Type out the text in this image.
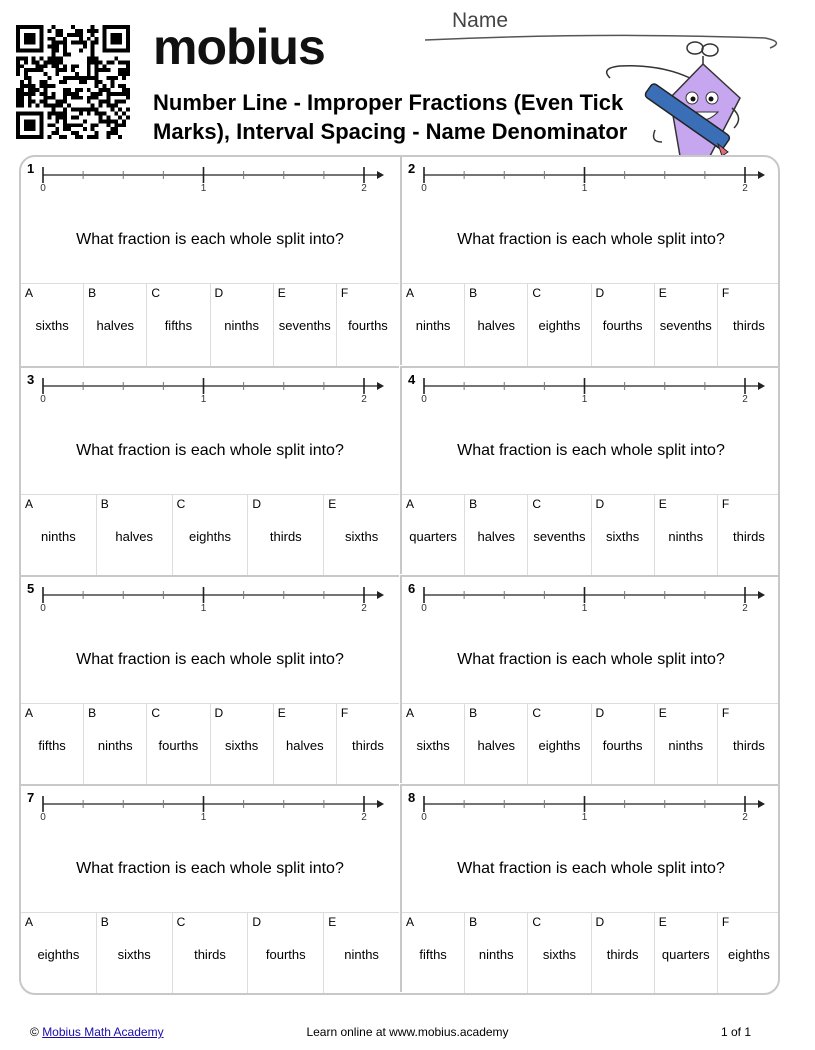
mobius
Number Line - Improper Fractions (Even Tick Marks), Interval Spacing - Name Denominator
Name
1
0	1	2
What fraction is each whole split into?
A
sixths
B
halves
C
fifths
D
ninths
E
sevenths
F
fourths
2
0	1	2
What fraction is each whole split into?
A
ninths
B
halves
C
eighths
D
fourths
E
sevenths
F
thirds
3
0	1	2
What fraction is each whole split into?
A
ninths
B
halves
C
eighths
D
thirds
E
sixths
4
0	1	2
What fraction is each whole split into?
A
quarters
B
halves
C
sevenths
D
sixths
E
ninths
F
thirds
5
0	1	2
What fraction is each whole split into?
A
fifths
B
ninths
C
fourths
D
sixths
E
halves
F
thirds
6
0	1	2
What fraction is each whole split into?
A
sixths
B
halves
C
eighths
D
fourths
E
ninths
F
thirds
7
0	1	2
What fraction is each whole split into?
A
eighths
B
sixths
C
thirds
D
fourths
E
ninths
8
0	1	2
What fraction is each whole split into?
A
fifths
B
ninths
C
sixths
D
thirds
E
quarters
F
eighths
© Mobius Math Academy	Learn online at www.mobius.academy	1 of 1
